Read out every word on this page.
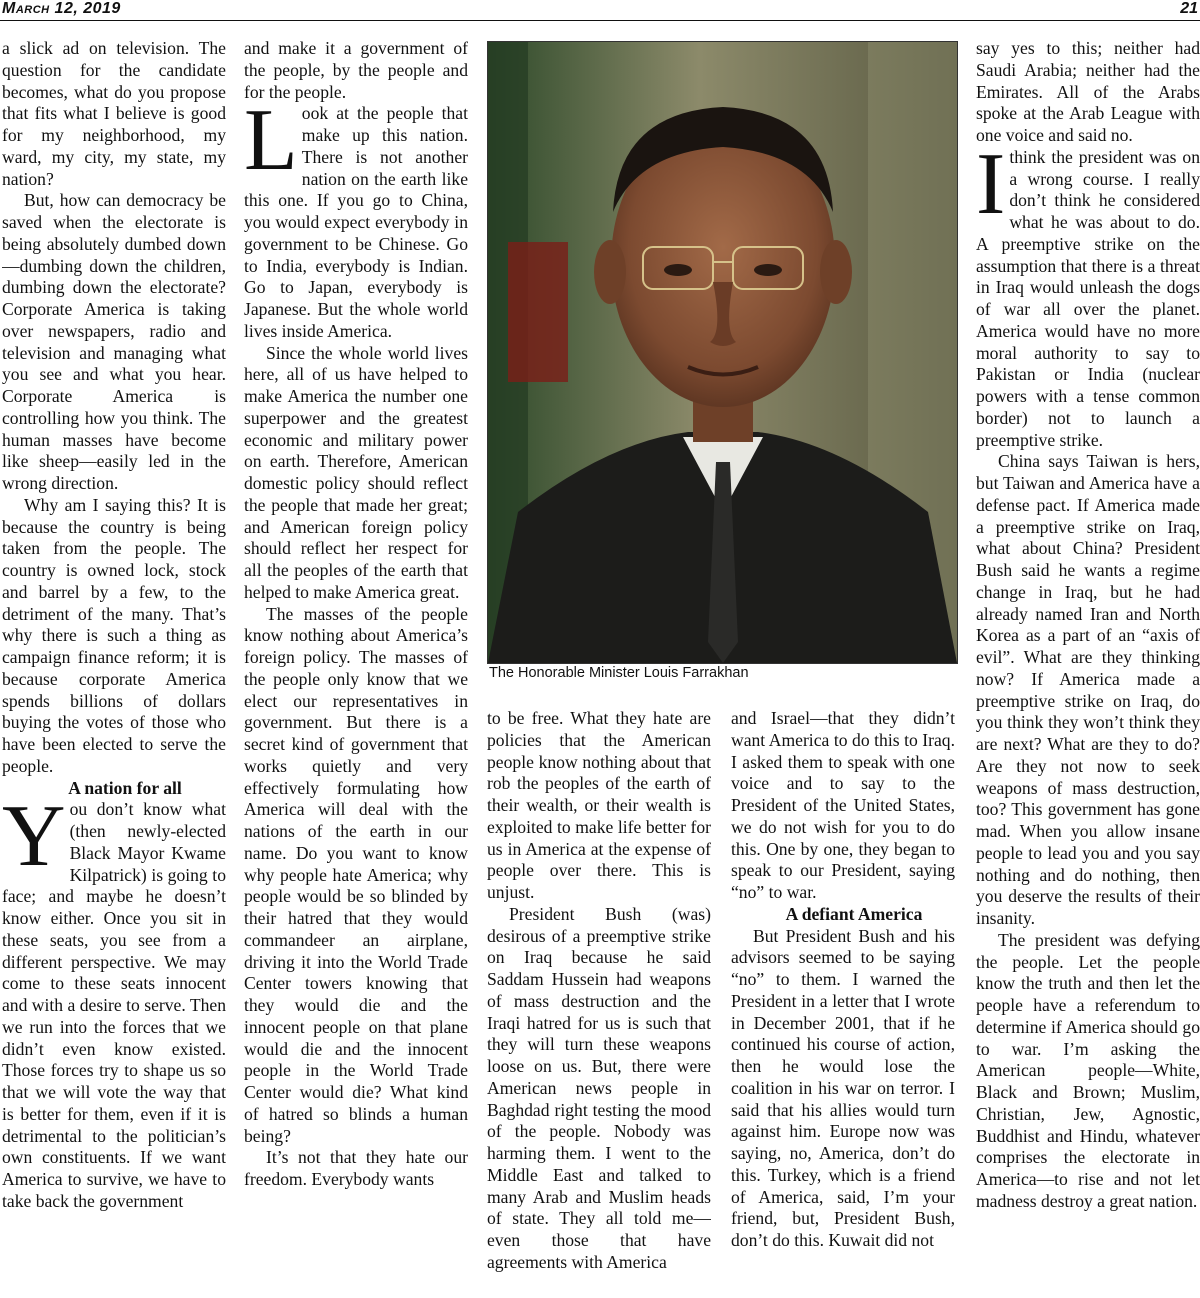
March 12, 2019	21

a slick ad on television. The question for the candidate becomes, what do you propose that fits what I believe is good for my neighborhood, my ward, my city, my state, my nation?

But, how can democracy be saved when the electorate is being absolutely dumbed down—dumbing down the children, dumbing down the electorate? Corporate America is taking over newspapers, radio and television and managing what you see and what you hear. Corporate America is controlling how you think. The human masses have become like sheep—easily led in the wrong direction.

Why am I saying this? It is because the country is being taken from the people. The country is owned lock, stock and barrel by a few, to the detriment of the many. That’s why there is such a thing as campaign finance reform; it is because corporate America spends billions of dollars buying the votes of those who have been elected to serve the people.

A nation for all

You don’t know what (then newly-elected Black Mayor Kwame Kilpatrick) is going to face; and maybe he doesn’t know either. Once you sit in these seats, you see from a different perspective. We may come to these seats innocent and with a desire to serve. Then we run into the forces that we didn’t even know existed. Those forces try to shape us so that we will vote the way that is better for them, even if it is detrimental to the politician’s own constituents. If we want America to survive, we have to take back the government

and make it a government of the people, by the people and for the people.

Look at the people that make up this nation. There is not another nation on the earth like this one. If you go to China, you would expect everybody in government to be Chinese. Go to India, everybody is Indian. Go to Japan, everybody is Japanese. But the whole world lives inside America.

Since the whole world lives here, all of us have helped to make America the number one superpower and the greatest economic and military power on earth. Therefore, American domestic policy should reflect the people that made her great; and American foreign policy should reflect her respect for all the peoples of the earth that helped to make America great.

The masses of the people know nothing about America’s foreign policy. The masses of the people only know that we elect our representatives in government. But there is a secret kind of government that works quietly and very effectively formulating how America will deal with the nations of the earth in our name. Do you want to know why people hate America; why people would be so blinded by their hatred that they would commandeer an airplane, driving it into the World Trade Center towers knowing that they would die and the innocent people on that plane would die and the innocent people in the World Trade Center would die? What kind of hatred so blinds a human being?

It’s not that they hate our freedom. Everybody wants

The Honorable Minister Louis Farrakhan

to be free. What they hate are policies that the American people know nothing about that rob the peoples of the earth of their wealth, or their wealth is exploited to make life better for us in America at the expense of people over there. This is unjust.

President Bush (was) desirous of a preemptive strike on Iraq because he said Saddam Hussein had weapons of mass destruction and the Iraqi hatred for us is such that they will turn these weapons loose on us. But, there were American news people in Baghdad right testing the mood of the people. Nobody was harming them. I went to the Middle East and talked to many Arab and Muslim heads of state. They all told me—even those that have agreements with America

and Israel—that they didn’t want America to do this to Iraq. I asked them to speak with one voice and to say to the President of the United States, we do not wish for you to do this. One by one, they began to speak to our President, saying “no” to war.

A defiant America

But President Bush and his advisors seemed to be saying “no” to them. I warned the President in a letter that I wrote in December 2001, that if he continued his course of action, then he would lose the coalition in his war on terror. I said that his allies would turn against him. Europe now was saying, no, America, don’t do this. Turkey, which is a friend of America, said, I’m your friend, but, President Bush, don’t do this. Kuwait did not

say yes to this; neither had Saudi Arabia; neither had the Emirates. All of the Arabs spoke at the Arab League with one voice and said no.

Ithink the president was on a wrong course. I really don’t think he considered what he was about to do. A preemptive strike on the assumption that there is a threat in Iraq would unleash the dogs of war all over the planet. America would have no more moral authority to say to Pakistan or India (nuclear powers with a tense common border) not to launch a preemptive strike.

China says Taiwan is hers, but Taiwan and America have a defense pact. If America made a preemptive strike on Iraq, what about China? President Bush said he wants a regime change in Iraq, but he had already named Iran and North Korea as a part of an “axis of evil”. What are they thinking now? If America made a preemptive strike on Iraq, do you think they won’t think they are next? What are they to do? Are they not now to seek weapons of mass destruction, too? This government has gone mad. When you allow insane people to lead you and you say nothing and do nothing, then you deserve the results of their insanity.

The president was defying the people. Let the people know the truth and then let the people have a referendum to determine if America should go to war. I’m asking the American people—White, Black and Brown; Muslim, Christian, Jew, Agnostic, Buddhist and Hindu, whatever comprises the electorate in America—to rise and not let madness destroy a great nation.
